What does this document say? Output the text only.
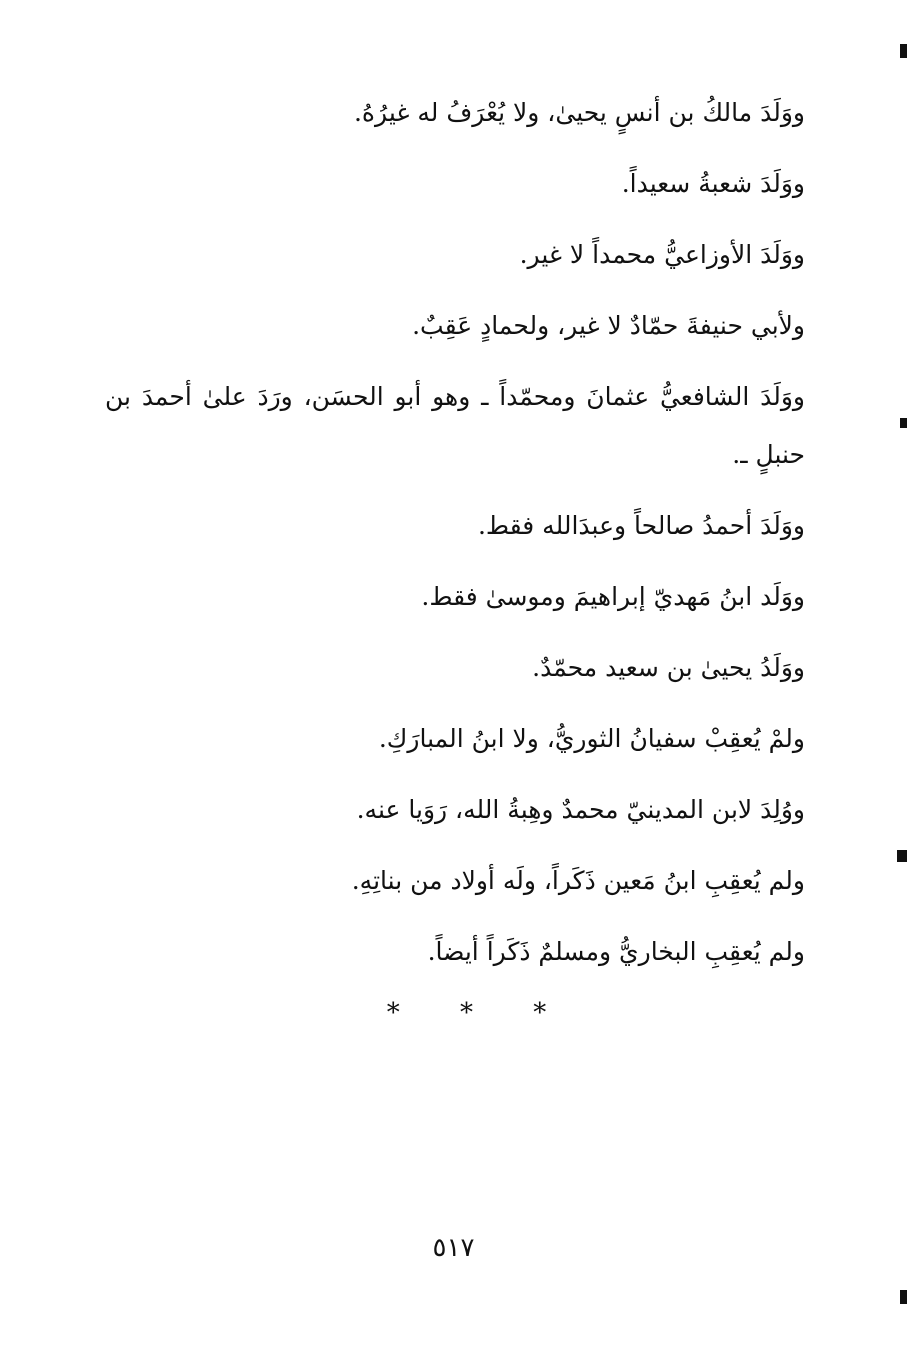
ووَلَدَ مالكُ بن أنسٍ يحيىٰ، ولا يُعْرَفُ له غيرُهُ.

ووَلَدَ شعبةُ سعيداً.

ووَلَدَ الأوزاعيُّ محمداً لا غير.

ولأبي حنيفةَ حمّادٌ لا غير، ولحمادٍ عَقِبٌ.

ووَلَدَ الشافعيُّ عثمانَ ومحمّداً ـ وهو أبو الحسَن، ورَدَ علىٰ أحمدَ بن حنبلٍ ـ.

ووَلَدَ أحمدُ صالحاً وعبدَالله فقط.

ووَلَد ابنُ مَهديّ إبراهيمَ وموسىٰ فقط.

ووَلَدُ يحيىٰ بن سعيد محمّدٌ.

ولمْ يُعقِبْ سفيانُ الثوريُّ، ولا ابنُ المبارَكِ.

ووُلِدَ لابن المدينيّ محمدٌ وهِبةُ الله، رَوَيا عنه.

ولم يُعقِبِ ابنُ مَعين ذَكَراً، ولَه أولاد من بناتِهِ.

ولم يُعقِبِ البخاريُّ ومسلمٌ ذَكَراً أيضاً.

* * *
٥١٧
